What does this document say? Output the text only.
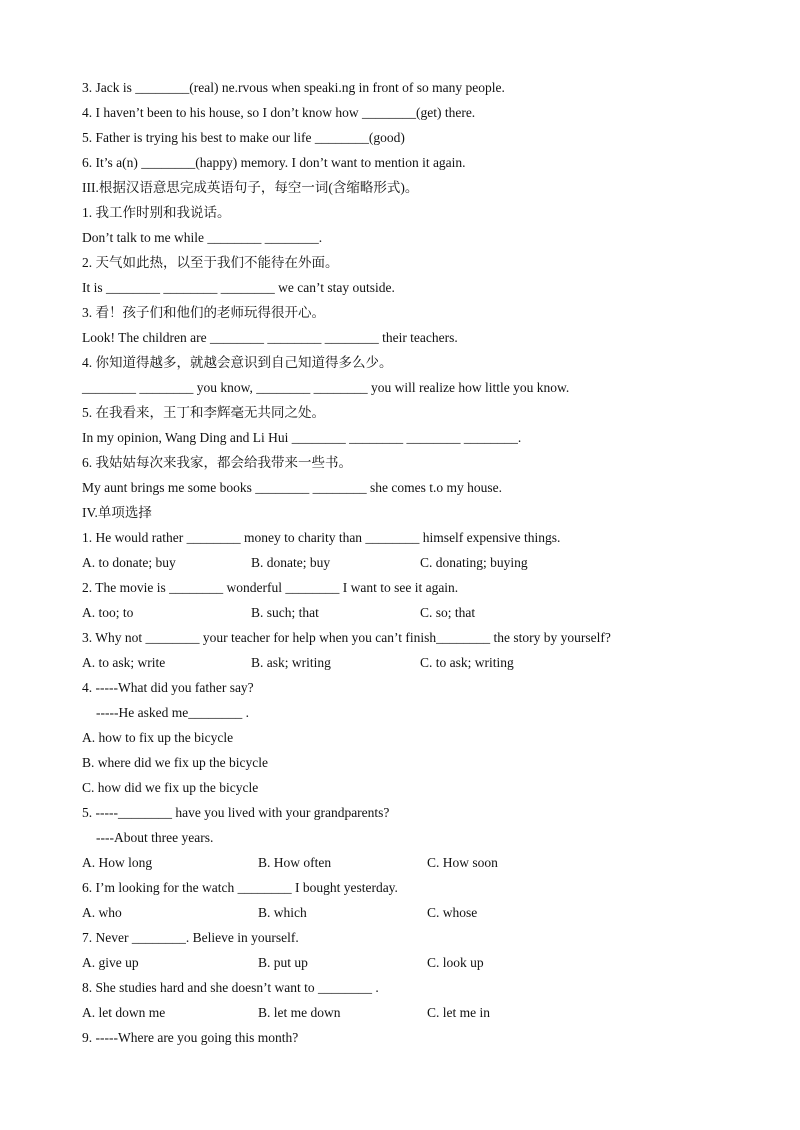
3. Jack is ________(real) ne.rvous when speaki.ng in front of so many people.
4. I haven’t been to his house, so I don’t know how ________(get) there.
5. Father is trying his best to make our life ________(good)
6. It’s a(n) ________(happy) memory. I don’t want to mention it again.
III.根据汉语意思完成英语句子，每空一词(含缩略形式)。
1. 我工作时别和我说话。
Don’t talk to me while ________ ________.
2. 天气如此热，以至于我们不能待在外面。
It is ________ ________ ________ we can’t stay outside.
3. 看！孩子们和他们的老师玩得很开心。
Look! The children are ________ ________ ________ their teachers.
4. 你知道得越多，就越会意识到自己知道得多么少。
________ ________ you know, ________ ________ you will realize how little you know.
5. 在我看来，王丁和李辉毫无共同之处。
In my opinion, Wang Ding and Li Hui ________ ________ ________ ________.
6. 我姑姑每次来我家，都会给我带来一些书。
My aunt brings me some books ________ ________ she comes t.o my house.
IV.单项选择
1. He would rather ________ money to charity than ________ himself expensive things.
A. to donate; buy	B. donate; buy	C. donating; buying
2. The movie is ________ wonderful ________ I want to see it again.
A. too; to	B. such; that	C. so; that
3. Why not ________ your teacher for help when you can’t finish________ the story by yourself?
A. to ask; write	B. ask; writing	C. to ask; writing
4. -----What did you father say?
-----He asked me________ .
A. how to fix up the bicycle
B. where did we fix up the bicycle
C. how did we fix up the bicycle
5. -----________ have you lived with your grandparents?
----About three years.
A. How long	B. How often	C. How soon
6. I’m looking for the watch ________ I bought yesterday.
A. who	B. which	C. whose
7. Never ________. Believe in yourself.
A. give up	B. put up	C. look up
8. She studies hard and she doesn’t want to ________ .
A. let down me	B. let me down	C. let me in
9. -----Where are you going this month?
